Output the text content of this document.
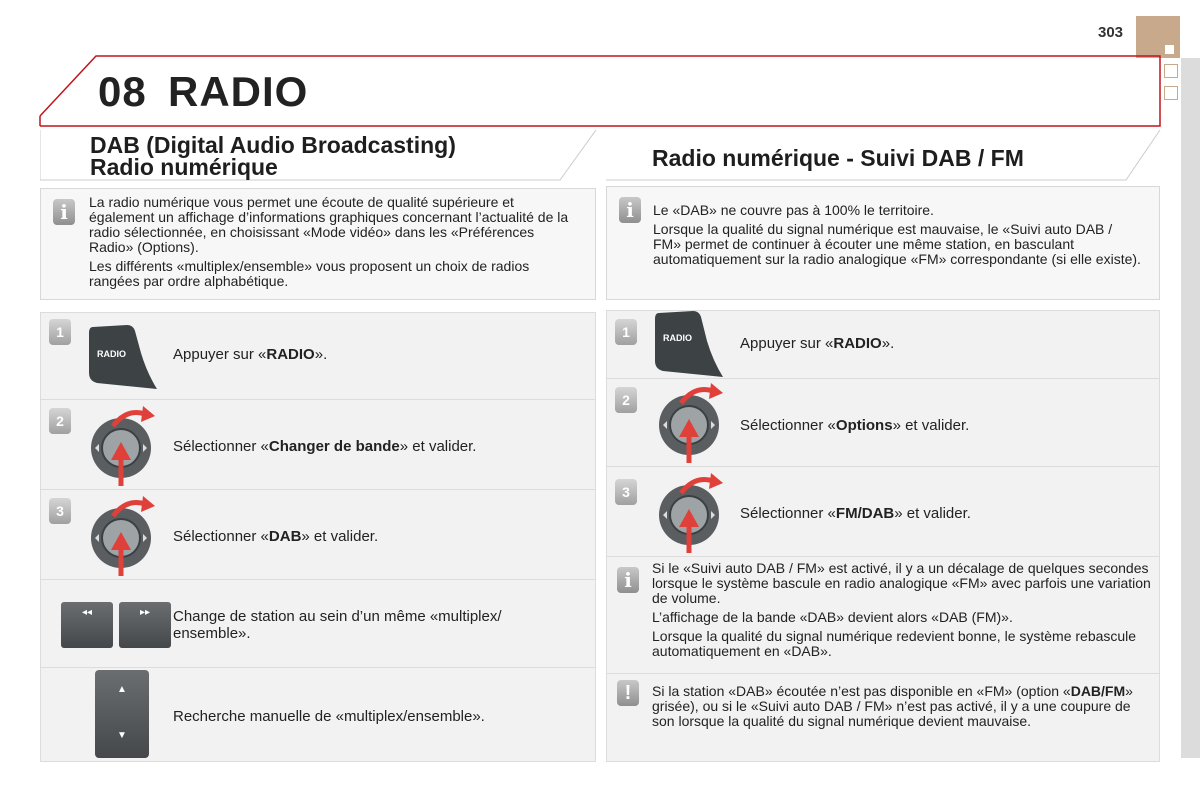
303
08 RADIO
DAB (Digital Audio Broadcasting)
Radio numérique
i	La radio numérique vous permet une écoute de qualité supérieure et également un affichage d’informations graphiques concernant l’actualité de la radio sélectionnée, en choisissant «Mode vidéo» dans les «Préférences Radio» (Options).

Les différents «multiplex/ensemble» vous proposent un choix de radios rangées par ordre alphabétique.

1
RADIO	Appuyer sur «RADIO».
2
Sélectionner «Changer de bande» et valider.
3
Sélectionner «DAB» et valider.
◂◂	▸▸	Change de station au sein d’un même «multiplex/ ensemble».
▲
▼
Recherche manuelle de «multiplex/ensemble».
Radio numérique - Suivi DAB / FM
i	Le «DAB» ne couvre pas à 100% le territoire.

Lorsque la qualité du signal numérique est mauvaise, le «Suivi auto DAB / FM» permet de continuer à écouter une même station, en basculant automatiquement sur la radio analogique «FM» correspondante (si elle existe).

1	RADIO	Appuyer sur «RADIO».
2
Sélectionner «Options» et valider.
3
Sélectionner «FM/DAB» et valider.
i	Si le «Suivi auto DAB / FM» est activé, il y a un décalage de quelques secondes lorsque le système bascule en radio analogique «FM» avec parfois une variation de volume.

L’affichage de la bande «DAB» devient alors «DAB (FM)».

Lorsque la qualité du signal numérique redevient bonne, le système rebascule automatiquement en «DAB».

!	Si la station «DAB» écoutée n’est pas disponible en «FM» (option «DAB/FM» grisée), ou si le «Suivi auto DAB / FM» n’est pas activé, il y a une coupure de son lorsque la qualité du signal numérique devient mauvaise.
